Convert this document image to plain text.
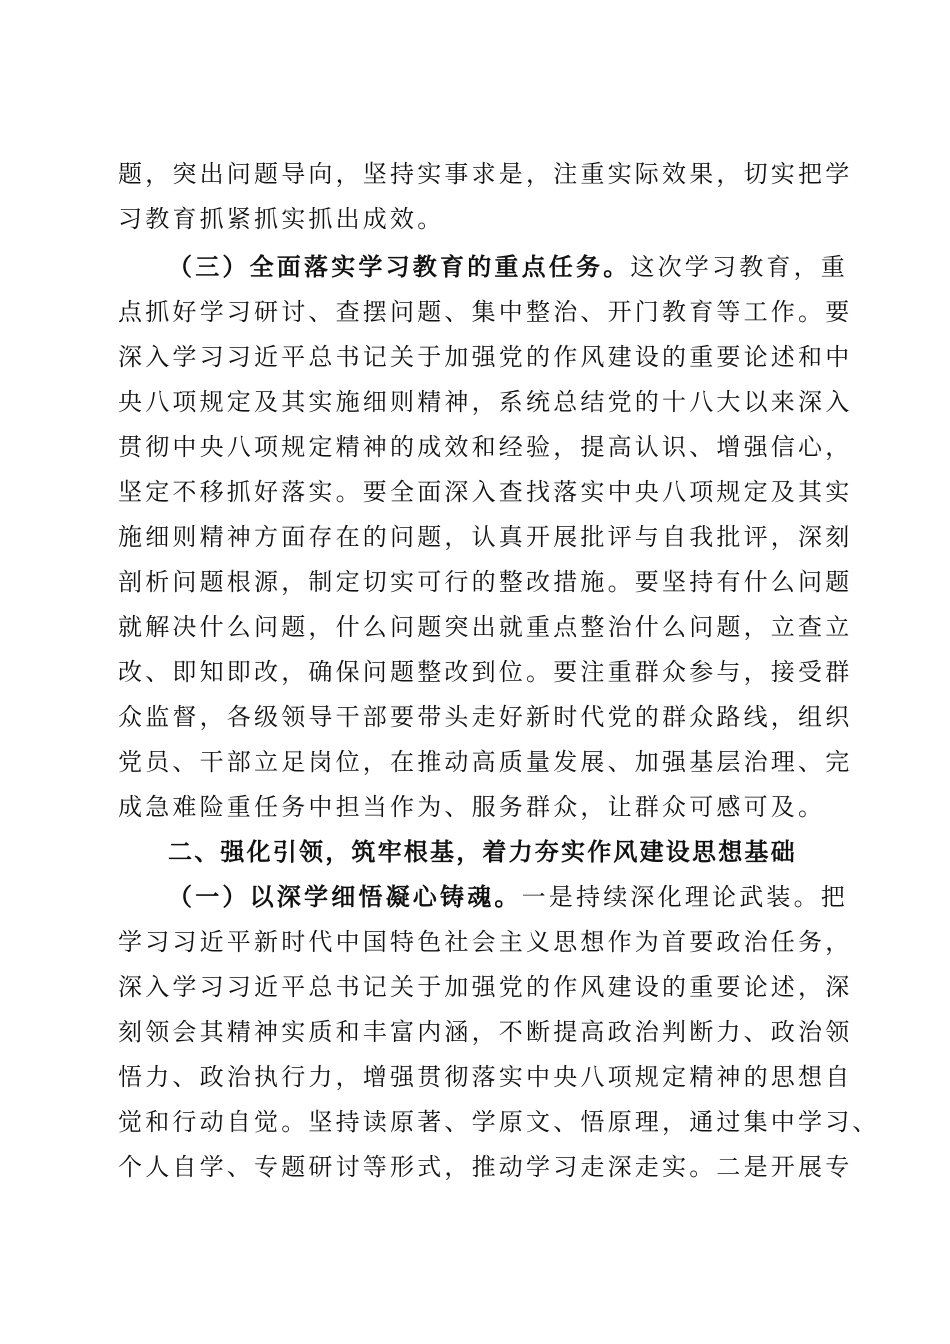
题，突出问题导向，坚持实事求是，注重实际效果，切实把学
习教育抓紧抓实抓出成效。
（三）全面落实学习教育的重点任务。这次学习教育，重
点抓好学习研讨、查摆问题、集中整治、开门教育等工作。要
深入学习习近平总书记关于加强党的作风建设的重要论述和中
央八项规定及其实施细则精神，系统总结党的十八大以来深入
贯彻中央八项规定精神的成效和经验，提高认识、增强信心，
坚定不移抓好落实。要全面深入查找落实中央八项规定及其实
施细则精神方面存在的问题，认真开展批评与自我批评，深刻
剖析问题根源，制定切实可行的整改措施。要坚持有什么问题
就解决什么问题，什么问题突出就重点整治什么问题，立查立
改、即知即改，确保问题整改到位。要注重群众参与，接受群
众监督，各级领导干部要带头走好新时代党的群众路线，组织
党员、干部立足岗位，在推动高质量发展、加强基层治理、完
成急难险重任务中担当作为、服务群众，让群众可感可及。
二、强化引领，筑牢根基，着力夯实作风建设思想基础
（一）以深学细悟凝心铸魂。一是持续深化理论武装。把
学习习近平新时代中国特色社会主义思想作为首要政治任务，
深入学习习近平总书记关于加强党的作风建设的重要论述，深
刻领会其精神实质和丰富内涵，不断提高政治判断力、政治领
悟力、政治执行力，增强贯彻落实中央八项规定精神的思想自
觉和行动自觉。坚持读原著、学原文、悟原理，通过集中学习、
个人自学、专题研讨等形式，推动学习走深走实。二是开展专
